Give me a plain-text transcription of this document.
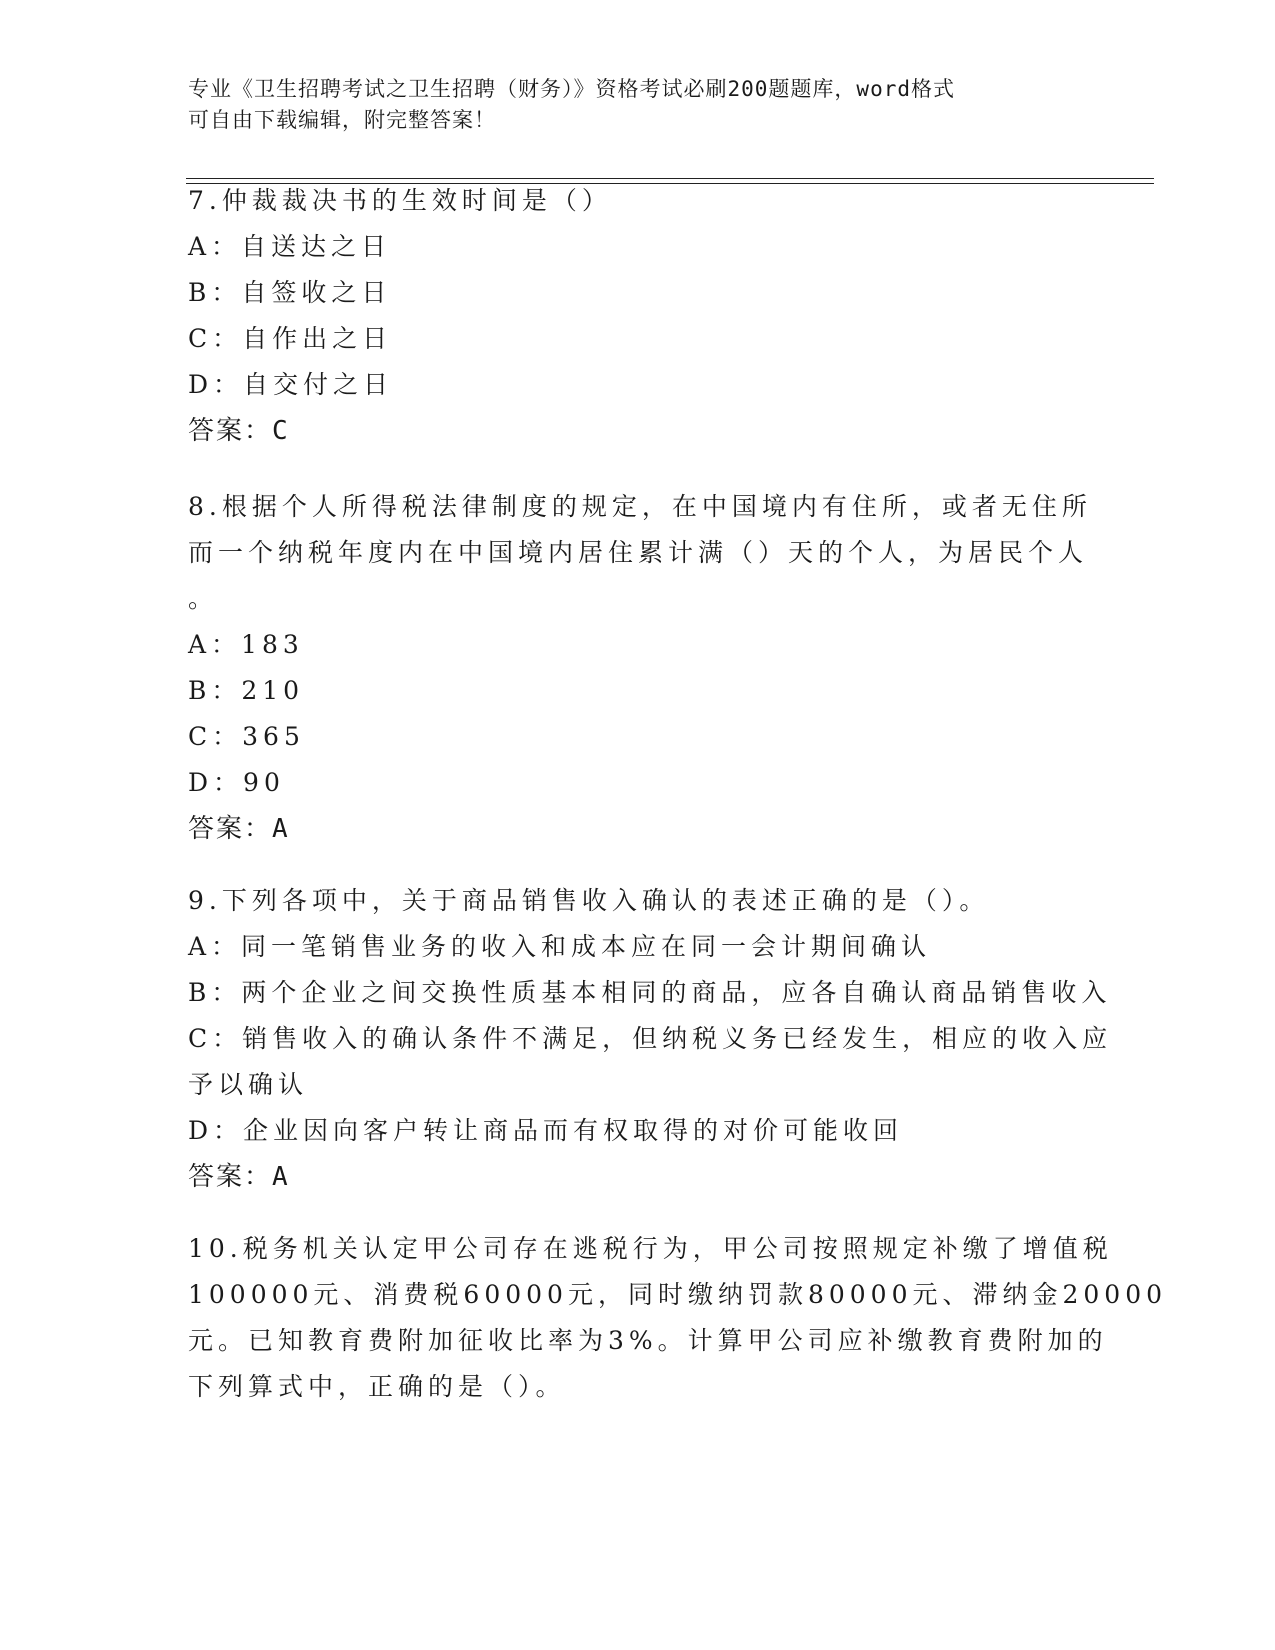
专业《卫生招聘考试之卫生招聘（财务）》资格考试必刷200题题库，word格式
可自由下载编辑，附完整答案！
7.仲裁裁决书的生效时间是（）
A：自送达之日
B：自签收之日
C：自作出之日
D：自交付之日
答案：C
8.根据个人所得税法律制度的规定，在中国境内有住所，或者无住所
而一个纳税年度内在中国境内居住累计满（）天的个人，为居民个人
。
A：183
B：210
C：365
D：90
答案：A
9.下列各项中，关于商品销售收入确认的表述正确的是（）。
A：同一笔销售业务的收入和成本应在同一会计期间确认
B：两个企业之间交换性质基本相同的商品，应各自确认商品销售收入
C：销售收入的确认条件不满足，但纳税义务已经发生，相应的收入应
予以确认
D：企业因向客户转让商品而有权取得的对价可能收回
答案：A
10.税务机关认定甲公司存在逃税行为，甲公司按照规定补缴了增值税
100000元、消费税60000元，同时缴纳罚款80000元、滞纳金20000
元。已知教育费附加征收比率为3%。计算甲公司应补缴教育费附加的
下列算式中，正确的是（）。
